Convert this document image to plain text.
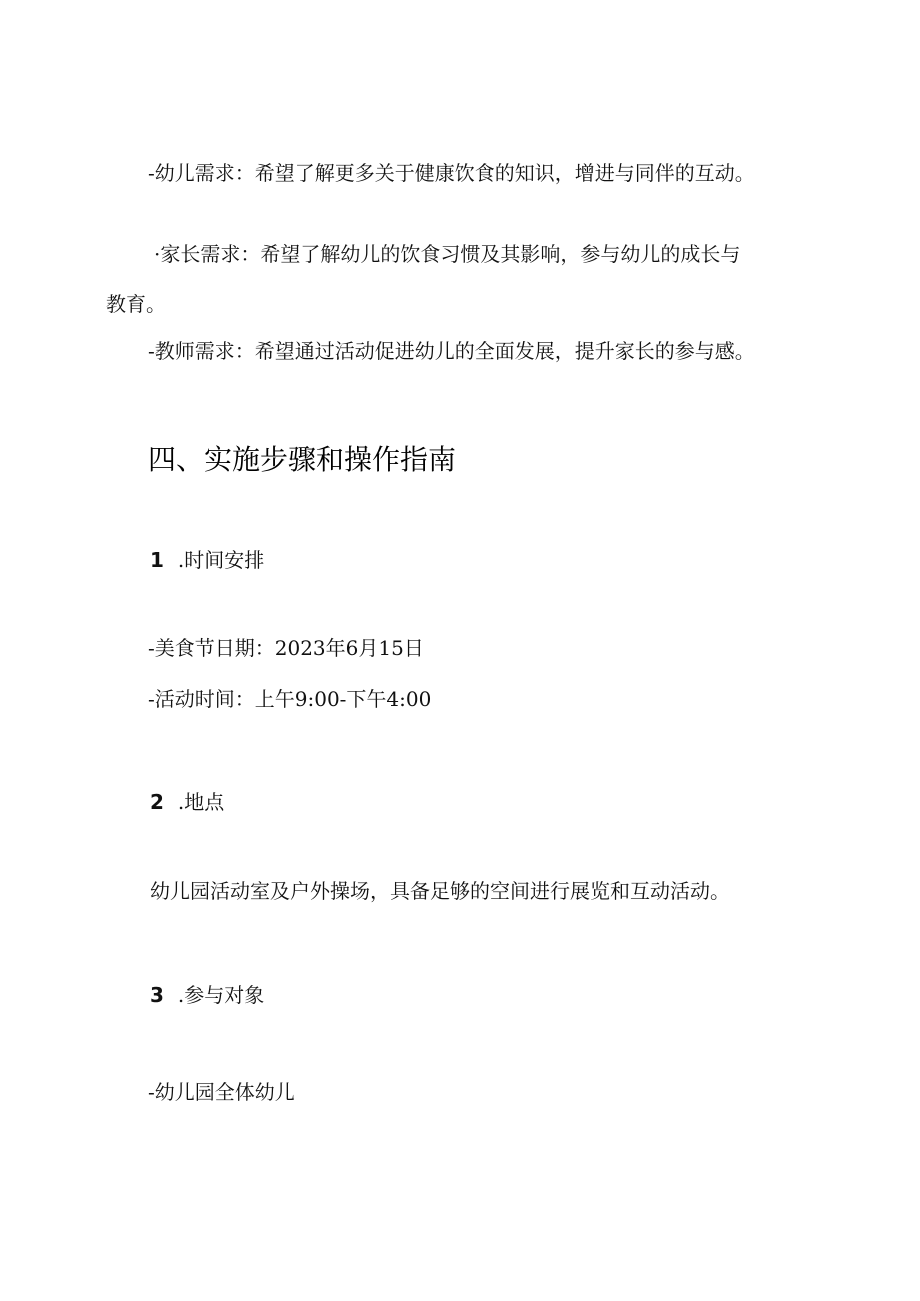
-幼儿需求：希望了解更多关于健康饮食的知识，增进与同伴的互动。
·家长需求：希望了解幼儿的饮食习惯及其影响，参与幼儿的成长与
教育。
-教师需求：希望通过活动促进幼儿的全面发展，提升家长的参与感。
四、实施步骤和操作指南
1 .时间安排
-美食节日期：2023年6月15日
-活动时间：上午9:00-下午4:00
2 .地点
幼儿园活动室及户外操场，具备足够的空间进行展览和互动活动。
3 .参与对象
-幼儿园全体幼儿
